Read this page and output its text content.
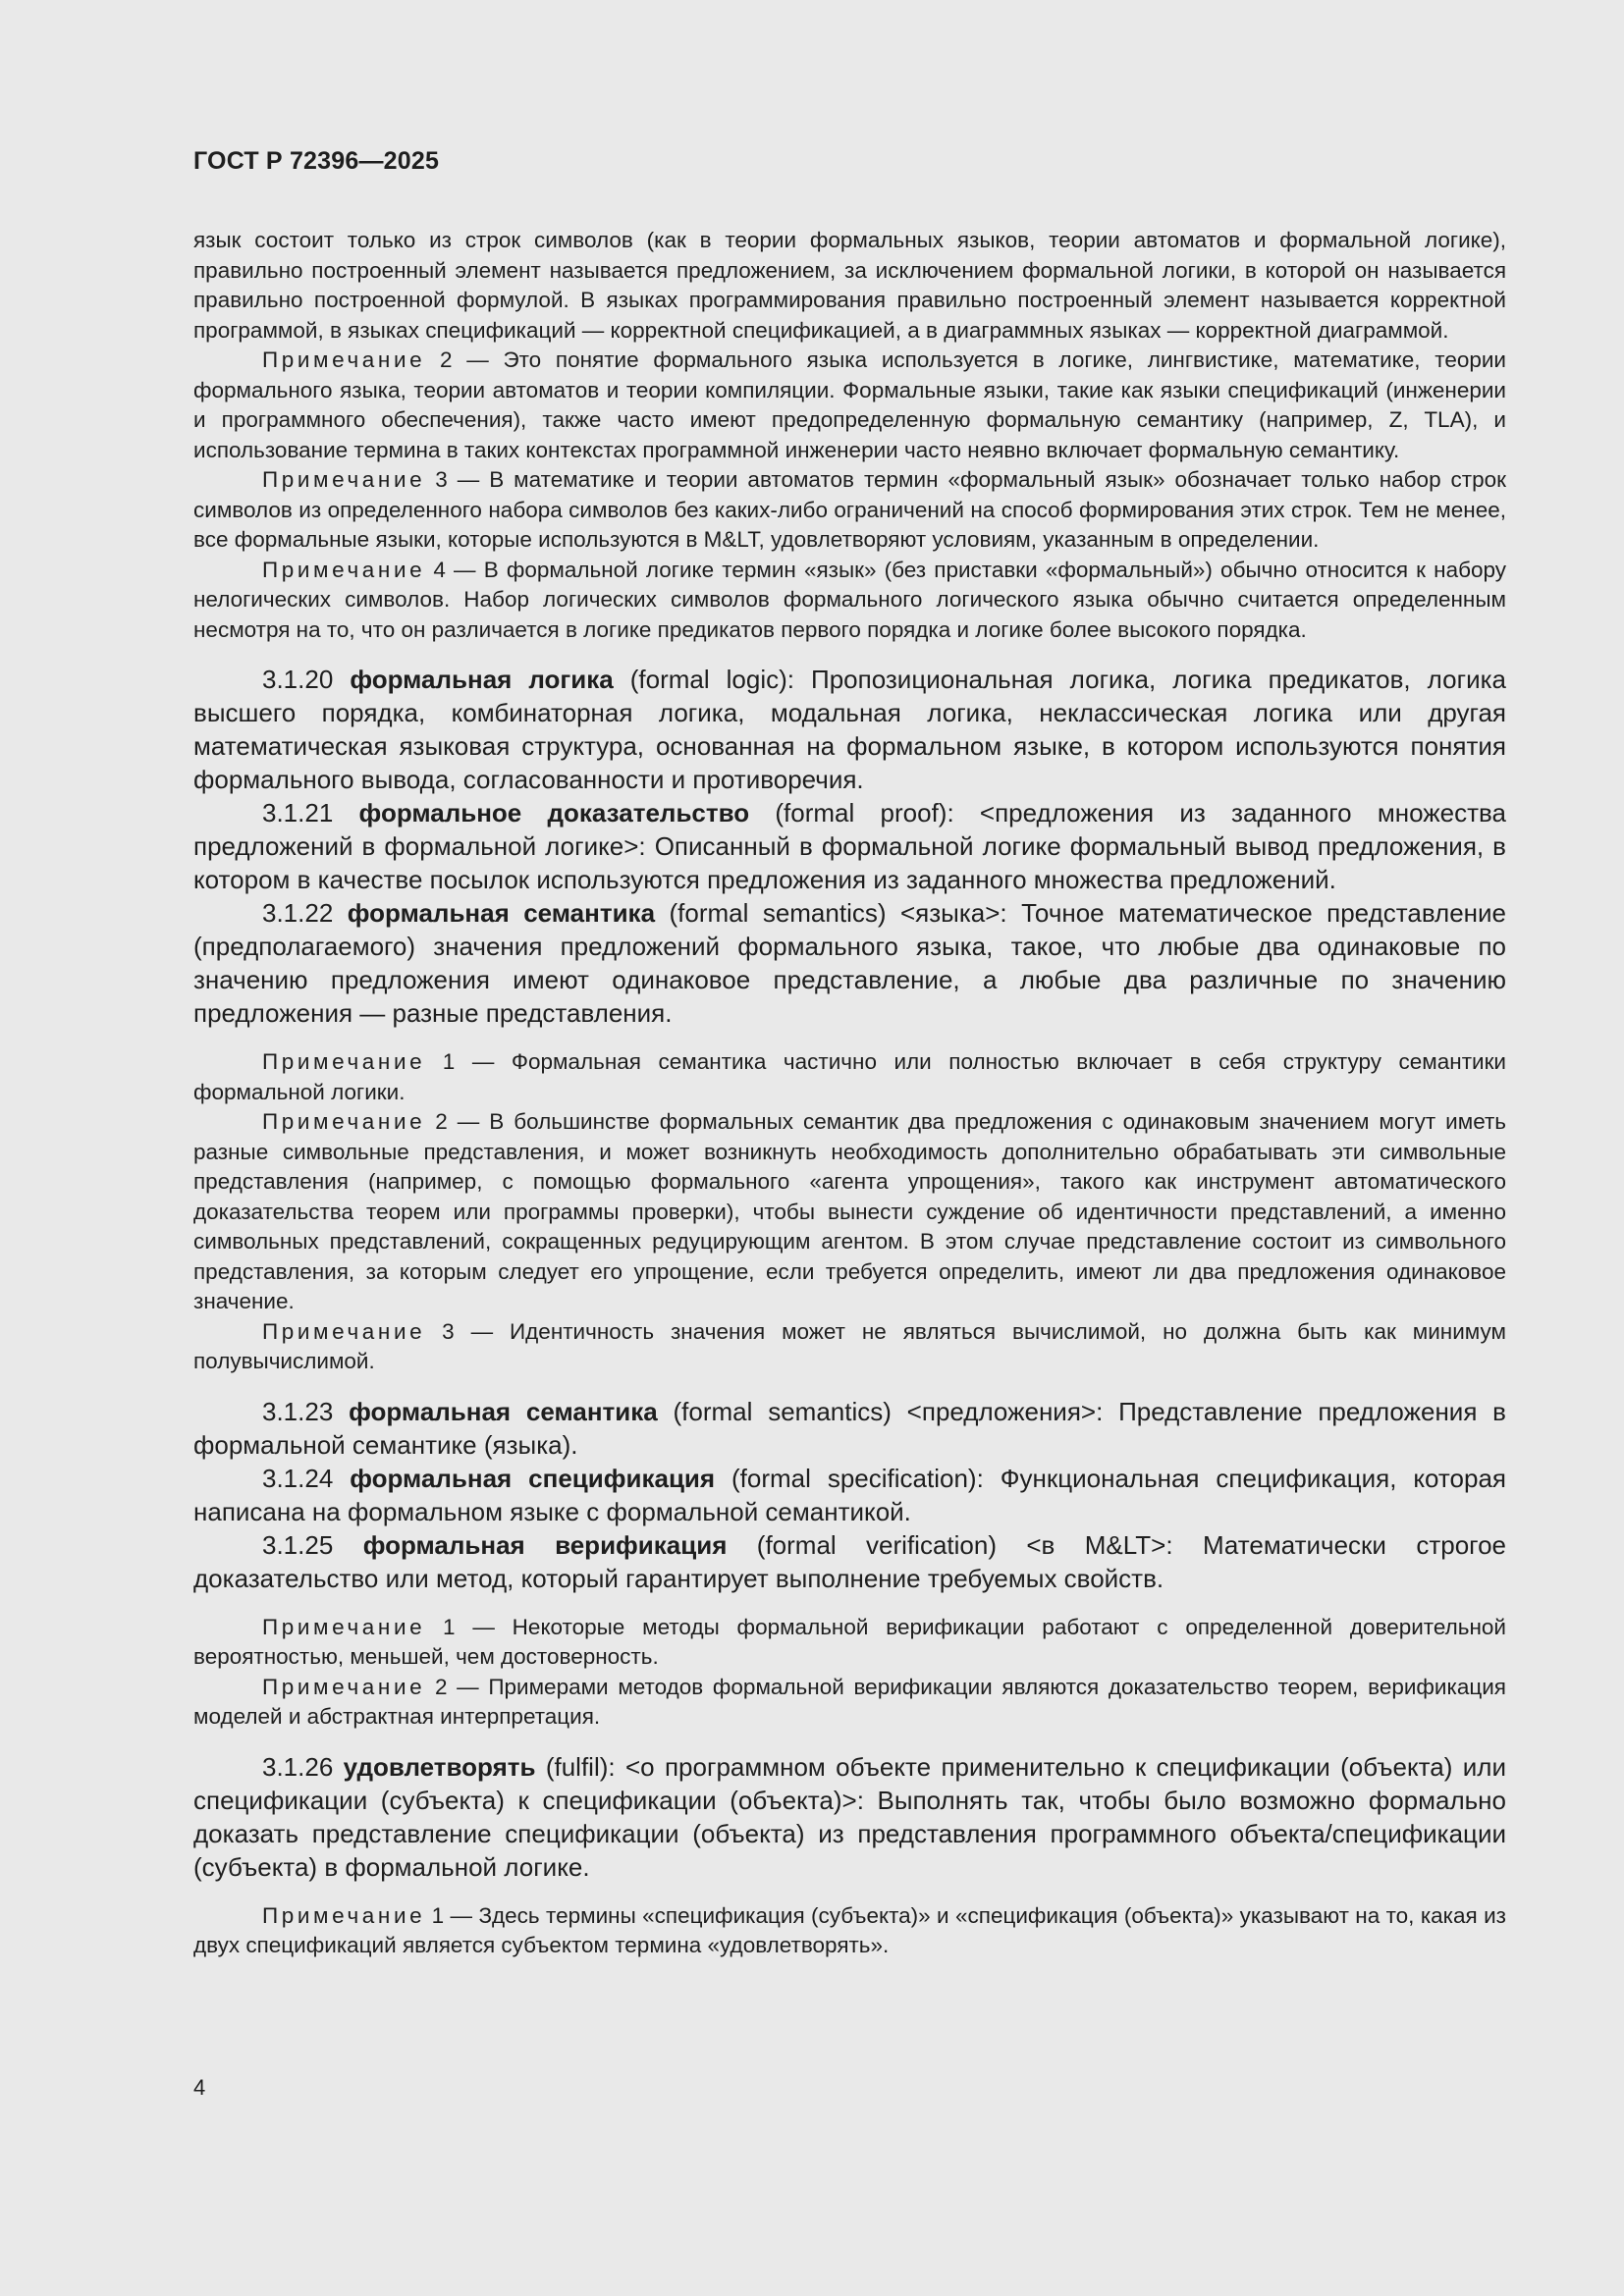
ГОСТ Р 72396—2025

язык состоит только из строк символов (как в теории формальных языков, теории автоматов и формальной логике), правильно построенный элемент называется предложением, за исключением формальной логики, в которой он называется правильно построенной формулой. В языках программирования правильно построенный элемент называется корректной программой, в языках спецификаций — корректной спецификацией, а в диаграммных языках — корректной диаграммой.

Примечание 2 — Это понятие формального языка используется в логике, лингвистике, математике, теории формального языка, теории автоматов и теории компиляции. Формальные языки, такие как языки спецификаций (инженерии и программного обеспечения), также часто имеют предопределенную формальную семантику (например, Z, TLA), и использование термина в таких контекстах программной инженерии часто неявно включает формальную семантику.

Примечание 3 — В математике и теории автоматов термин «формальный язык» обозначает только набор строк символов из определенного набора символов без каких-либо ограничений на способ формирования этих строк. Тем не менее, все формальные языки, которые используются в M&LT, удовлетворяют условиям, указанным в определении.

Примечание 4 — В формальной логике термин «язык» (без приставки «формальный») обычно относится к набору нелогических символов. Набор логических символов формального логического языка обычно считается определенным несмотря на то, что он различается в логике предикатов первого порядка и логике более высокого порядка.

3.1.20 формальная логика (formal logic): Пропозициональная логика, логика предикатов, логика высшего порядка, комбинаторная логика, модальная логика, неклассическая логика или другая математическая языковая структура, основанная на формальном языке, в котором используются понятия формального вывода, согласованности и противоречия.

3.1.21 формальное доказательство (formal proof): <предложения из заданного множества предложений в формальной логике>: Описанный в формальной логике формальный вывод предложения, в котором в качестве посылок используются предложения из заданного множества предложений.

3.1.22 формальная семантика (formal semantics) <языка>: Точное математическое представление (предполагаемого) значения предложений формального языка, такое, что любые два одинаковые по значению предложения имеют одинаковое представление, а любые два различные по значению предложения — разные представления.

Примечание 1 — Формальная семантика частично или полностью включает в себя структуру семантики формальной логики.

Примечание 2 — В большинстве формальных семантик два предложения с одинаковым значением могут иметь разные символьные представления, и может возникнуть необходимость дополнительно обрабатывать эти символьные представления (например, с помощью формального «агента упрощения», такого как инструмент автоматического доказательства теорем или программы проверки), чтобы вынести суждение об идентичности представлений, а именно символьных представлений, сокращенных редуцирующим агентом. В этом случае представление состоит из символьного представления, за которым следует его упрощение, если требуется определить, имеют ли два предложения одинаковое значение.

Примечание 3 — Идентичность значения может не являться вычислимой, но должна быть как минимум полувычислимой.

3.1.23 формальная семантика (formal semantics) <предложения>: Представление предложения в формальной семантике (языка).

3.1.24 формальная спецификация (formal specification): Функциональная спецификация, которая написана на формальном языке с формальной семантикой.

3.1.25 формальная верификация (formal verification) <в M&LT>: Математически строгое доказательство или метод, который гарантирует выполнение требуемых свойств.

Примечание 1 — Некоторые методы формальной верификации работают с определенной доверительной вероятностью, меньшей, чем достоверность.

Примечание 2 — Примерами методов формальной верификации являются доказательство теорем, верификация моделей и абстрактная интерпретация.

3.1.26 удовлетворять (fulfil): <о программном объекте применительно к спецификации (объекта) или спецификации (субъекта) к спецификации (объекта)>: Выполнять так, чтобы было возможно формально доказать представление спецификации (объекта) из представления программного объекта/спецификации (субъекта) в формальной логике.

Примечание 1 — Здесь термины «спецификация (субъекта)» и «спецификация (объекта)» указывают на то, какая из двух спецификаций является субъектом термина «удовлетворять».

4
